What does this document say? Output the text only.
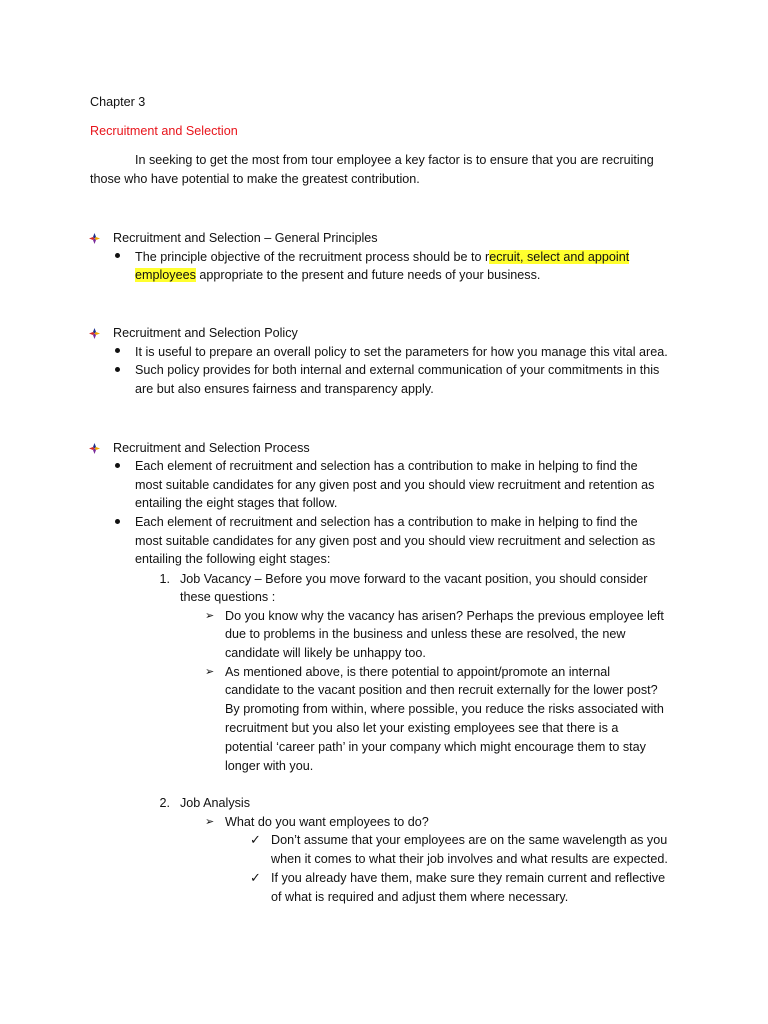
Chapter 3
Recruitment and Selection
In seeking to get the most from tour employee a key factor is to ensure that you are recruiting
those who have potential to make the greatest contribution.
Recruitment and Selection – General Principles
The principle objective of the recruitment process should be to recruit, select and appoint
employees appropriate to the present and future needs of your business.
Recruitment and Selection Policy
It is useful to prepare an overall policy to set the parameters for how you manage this vital area.
Such policy provides for both internal and external communication of your commitments in this
are but also ensures fairness and transparency apply.
Recruitment and Selection Process
Each element of recruitment and selection has a contribution to make in helping to find the
most suitable candidates for any given post and you should view recruitment and retention as
entailing the eight stages that follow.
Each element of recruitment and selection has a contribution to make in helping to find the
most suitable candidates for any given post and you should view recruitment and selection as
entailing the following eight stages:
1. Job Vacancy – Before you move forward to the vacant position, you should consider
these questions :
➢ Do you know why the vacancy has arisen? Perhaps the previous employee left
due to problems in the business and unless these are resolved, the new
candidate will likely be unhappy too.
➢ As mentioned above, is there potential to appoint/promote an internal
candidate to the vacant position and then recruit externally for the lower post?
By promoting from within, where possible, you reduce the risks associated with
recruitment but you also let your existing employees see that there is a
potential ‘career path’ in your company which might encourage them to stay
longer with you.
2. Job Analysis
➢ What do you want employees to do?
✓ Don’t assume that your employees are on the same wavelength as you
when it comes to what their job involves and what results are expected.
✓ If you already have them, make sure they remain current and reflective
of what is required and adjust them where necessary.
